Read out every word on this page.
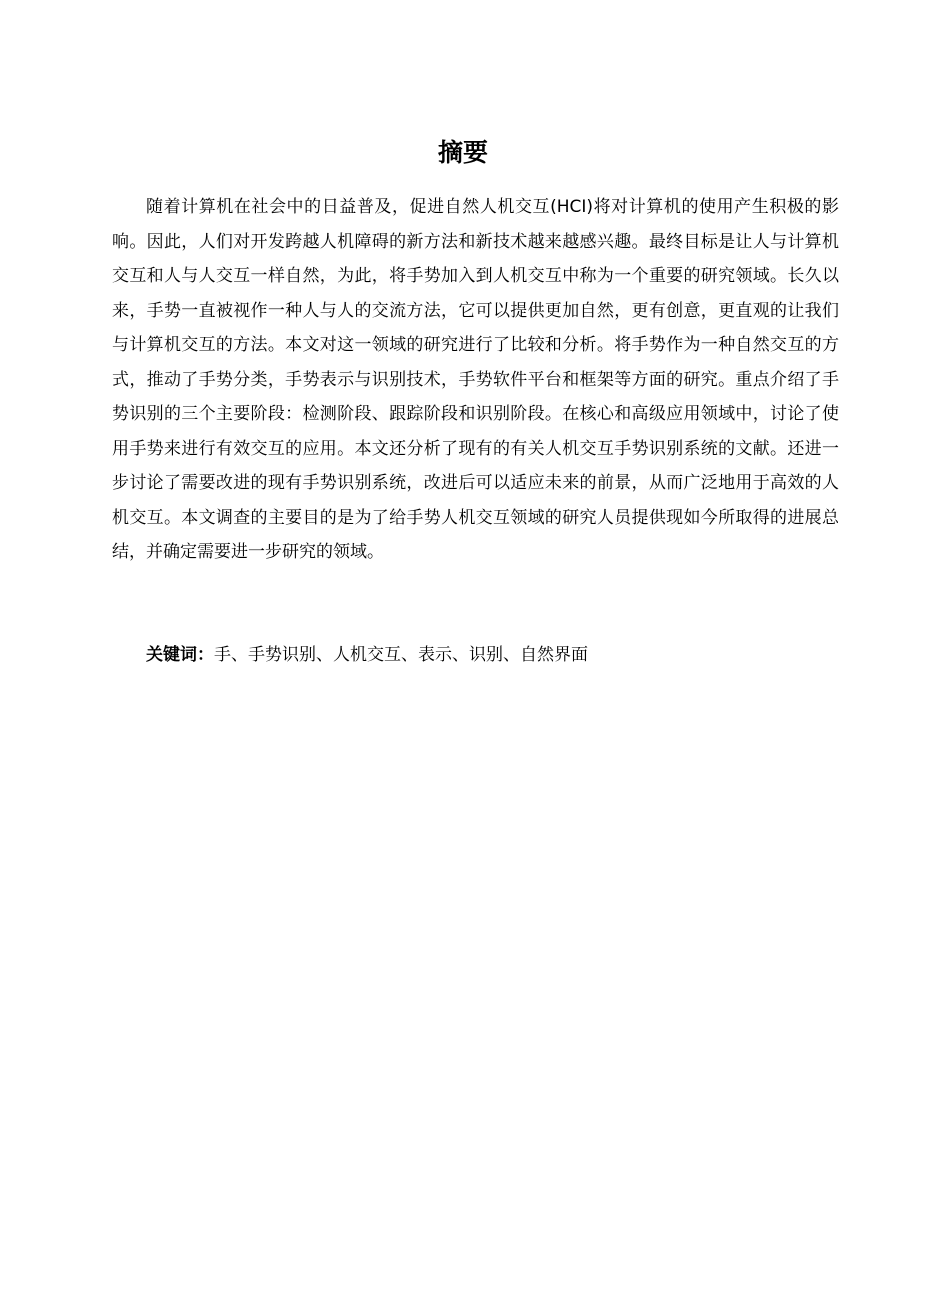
摘要

随着计算机在社会中的日益普及，促进自然人机交互(HCI)将对计算机的使用产生积极的影响。因此，人们对开发跨越人机障碍的新方法和新技术越来越感兴趣。最终目标是让人与计算机交互和人与人交互一样自然，为此，将手势加入到人机交互中称为一个重要的研究领域。长久以来，手势一直被视作一种人与人的交流方法，它可以提供更加自然，更有创意，更直观的让我们与计算机交互的方法。本文对这一领域的研究进行了比较和分析。将手势作为一种自然交互的方式，推动了手势分类，手势表示与识别技术，手势软件平台和框架等方面的研究。重点介绍了手势识别的三个主要阶段：检测阶段、跟踪阶段和识别阶段。在核心和高级应用领域中，讨论了使用手势来进行有效交互的应用。本文还分析了现有的有关人机交互手势识别系统的文献。还进一步讨论了需要改进的现有手势识别系统，改进后可以适应未来的前景，从而广泛地用于高效的人机交互。本文调查的主要目的是为了给手势人机交互领域的研究人员提供现如今所取得的进展总结，并确定需要进一步研究的领域。

关键词：手、手势识别、人机交互、表示、识别、自然界面
